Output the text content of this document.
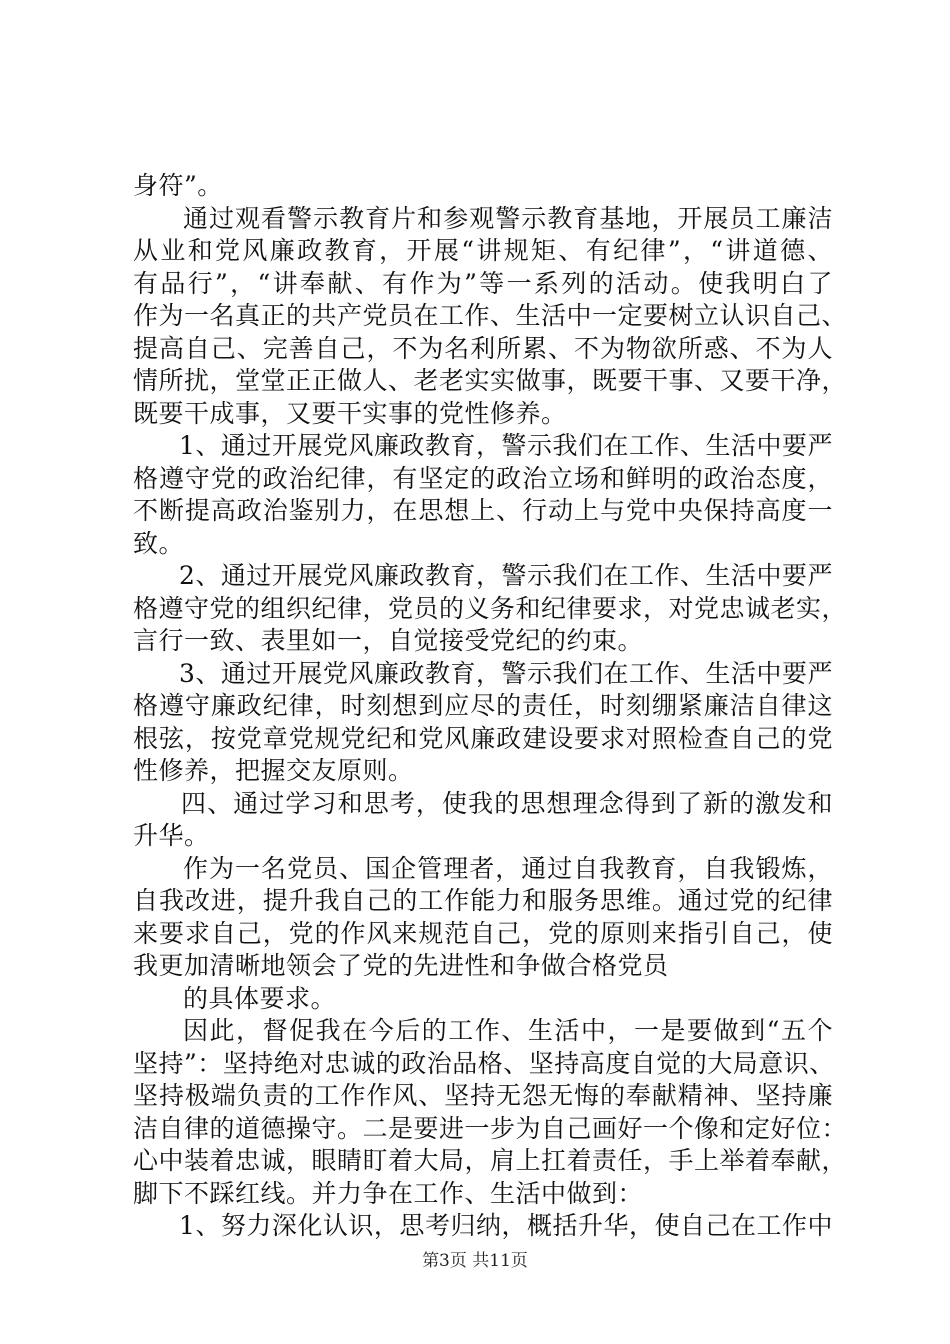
身符”。
通过观看警示教育片和参观警示教育基地，开展员工廉洁
从业和党风廉政教育，开展“讲规矩、有纪律”，“讲道德、
有品行”，“讲奉献、有作为”等一系列的活动。使我明白了
作为一名真正的共产党员在工作、生活中一定要树立认识自己、
提高自己、完善自己，不为名利所累、不为物欲所惑、不为人
情所扰，堂堂正正做人、老老实实做事，既要干事、又要干净，
既要干成事，又要干实事的党性修养。
1、通过开展党风廉政教育，警示我们在工作、生活中要严
格遵守党的政治纪律，有坚定的政治立场和鲜明的政治态度，
不断提高政治鉴别力，在思想上、行动上与党中央保持高度一
致。
2、通过开展党风廉政教育，警示我们在工作、生活中要严
格遵守党的组织纪律，党员的义务和纪律要求，对党忠诚老实，
言行一致、表里如一，自觉接受党纪的约束。
3、通过开展党风廉政教育，警示我们在工作、生活中要严
格遵守廉政纪律，时刻想到应尽的责任，时刻绷紧廉洁自律这
根弦，按党章党规党纪和党风廉政建设要求对照检查自己的党
性修养，把握交友原则。
四、通过学习和思考，使我的思想理念得到了新的激发和
升华。
作为一名党员、国企管理者，通过自我教育，自我锻炼，
自我改进，提升我自己的工作能力和服务思维。通过党的纪律
来要求自己，党的作风来规范自己，党的原则来指引自己，使
我更加清晰地领会了党的先进性和争做合格党员
的具体要求。
因此，督促我在今后的工作、生活中，一是要做到“五个
坚持”：坚持绝对忠诚的政治品格、坚持高度自觉的大局意识、
坚持极端负责的工作作风、坚持无怨无悔的奉献精神、坚持廉
洁自律的道德操守。二是要进一步为自己画好一个像和定好位：
心中装着忠诚，眼睛盯着大局，肩上扛着责任，手上举着奉献，
脚下不踩红线。并力争在工作、生活中做到：
1、努力深化认识，思考归纳，概括升华，使自己在工作中
第3页 共11页
